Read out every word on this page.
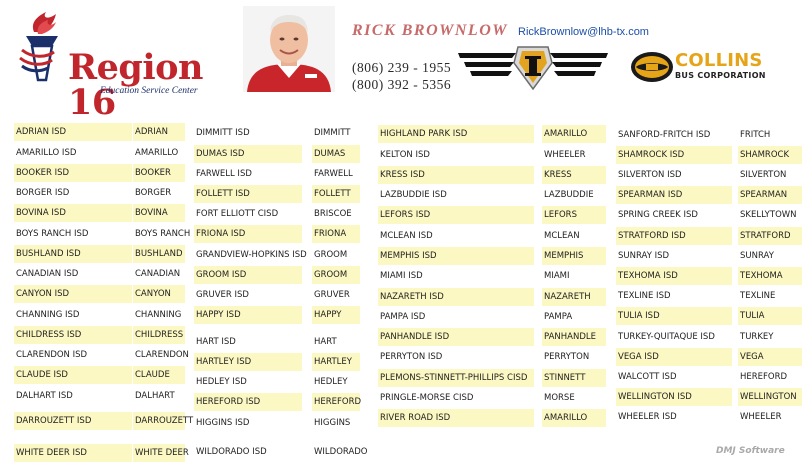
Region 16
Education Service Center
RICK BROWNLOW RickBrownlow@lhb-tx.com
(806) 239 - 1955
(800) 392 - 5356
COLLINS
BUS CORPORATION
ADRIAN ISD	ADRIAN
AMARILLO ISD	AMARILLO
BOOKER ISD	BOOKER
BORGER ISD	BORGER
BOVINA ISD	BOVINA
BOYS RANCH ISD	BOYS RANCH
BUSHLAND ISD	BUSHLAND
CANADIAN ISD	CANADIAN
CANYON ISD	CANYON
CHANNING ISD	CHANNING
CHILDRESS ISD	CHILDRESS
CLARENDON ISD	CLARENDON
CLAUDE ISD	CLAUDE
DALHART ISD	DALHART
DARROUZETT ISD	DARROUZETT
WHITE DEER ISD	WHITE DEER
DIMMITT ISD	DIMMITT
DUMAS ISD	DUMAS
FARWELL ISD	FARWELL
FOLLETT ISD	FOLLETT
FORT ELLIOTT CISD	BRISCOE
FRIONA ISD	FRIONA
GRANDVIEW-HOPKINS ISD GROOM
GROOM ISD	GROOM
GRUVER ISD	GRUVER
HAPPY ISD	HAPPY
HART ISD	HART
HARTLEY ISD	HARTLEY
HEDLEY ISD	HEDLEY
HEREFORD ISD	HEREFORD
HIGGINS ISD	HIGGINS
WILDORADO ISD	WILDORADO
HIGHLAND PARK ISD	AMARILLO
KELTON ISD	WHEELER
KRESS ISD	KRESS
LAZBUDDIE ISD	LAZBUDDIE
LEFORS ISD	LEFORS
MCLEAN ISD	MCLEAN
MEMPHIS ISD	MEMPHIS
MIAMI ISD	MIAMI
NAZARETH ISD	NAZARETH
PAMPA ISD	PAMPA
PANHANDLE ISD	PANHANDLE
PERRYTON ISD	PERRYTON
PLEMONS-STINNETT-PHILLIPS CISD	STINNETT
PRINGLE-MORSE CISD	MORSE
RIVER ROAD ISD	AMARILLO
SANFORD-FRITCH ISD	FRITCH
SHAMROCK ISD	SHAMROCK
SILVERTON ISD	SILVERTON
SPEARMAN ISD	SPEARMAN
SPRING CREEK ISD	SKELLYTOWN
STRATFORD ISD	STRATFORD
SUNRAY ISD	SUNRAY
TEXHOMA ISD	TEXHOMA
TEXLINE ISD	TEXLINE
TULIA ISD	TULIA
TURKEY-QUITAQUE ISD	TURKEY
VEGA ISD	VEGA
WALCOTT ISD	HEREFORD
WELLINGTON ISD	WELLINGTON
WHEELER ISD	WHEELER
DMJ Software
